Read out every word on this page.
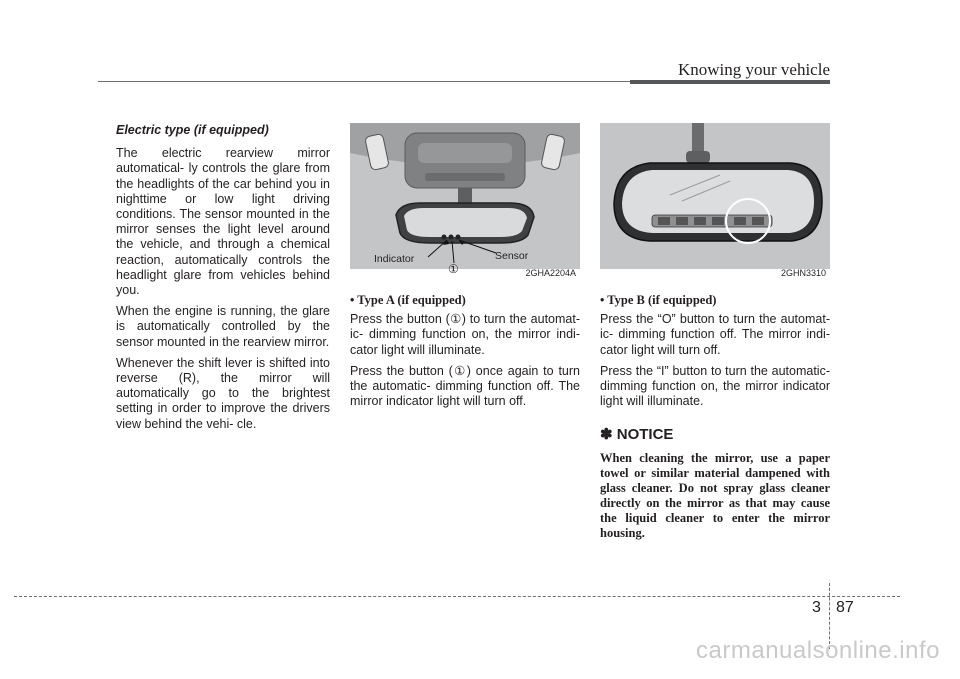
Knowing your vehicle

Electric type (if equipped)

The electric rearview mirror automatical- ly controls the glare from the headlights of the car behind you in nighttime or low light driving conditions. The sensor mounted in the mirror senses the light level around the vehicle, and through a chemical reaction, automatically controls the headlight glare from vehicles behind you.

When the engine is running, the glare is automatically controlled by the sensor mounted in the rearview mirror.

Whenever the shift lever is shifted into reverse (R), the mirror will automatically go to the brightest setting in order to improve the drivers view behind the vehi- cle.

Indicator	Sensor
①	2GHA2204A

• Type A (if equipped)

Press the button (①) to turn the automat- ic- dimming function on, the mirror indi- cator light will illuminate.

Press the button (①) once again to turn the automatic- dimming function off. The mirror indicator light will turn off.

2GHN3310

• Type B (if equipped)

Press the “O” button to turn the automat- ic- dimming function off. The mirror indi- cator light will turn off.

Press the “I” button to turn the automatic- dimming function on, the mirror indicator light will illuminate.

✽ NOTICE

When cleaning the mirror, use a paper towel or similar material dampened with glass cleaner. Do not spray glass cleaner directly on the mirror as that may cause the liquid cleaner to enter the mirror housing.

3 87
carmanualsonline.info
